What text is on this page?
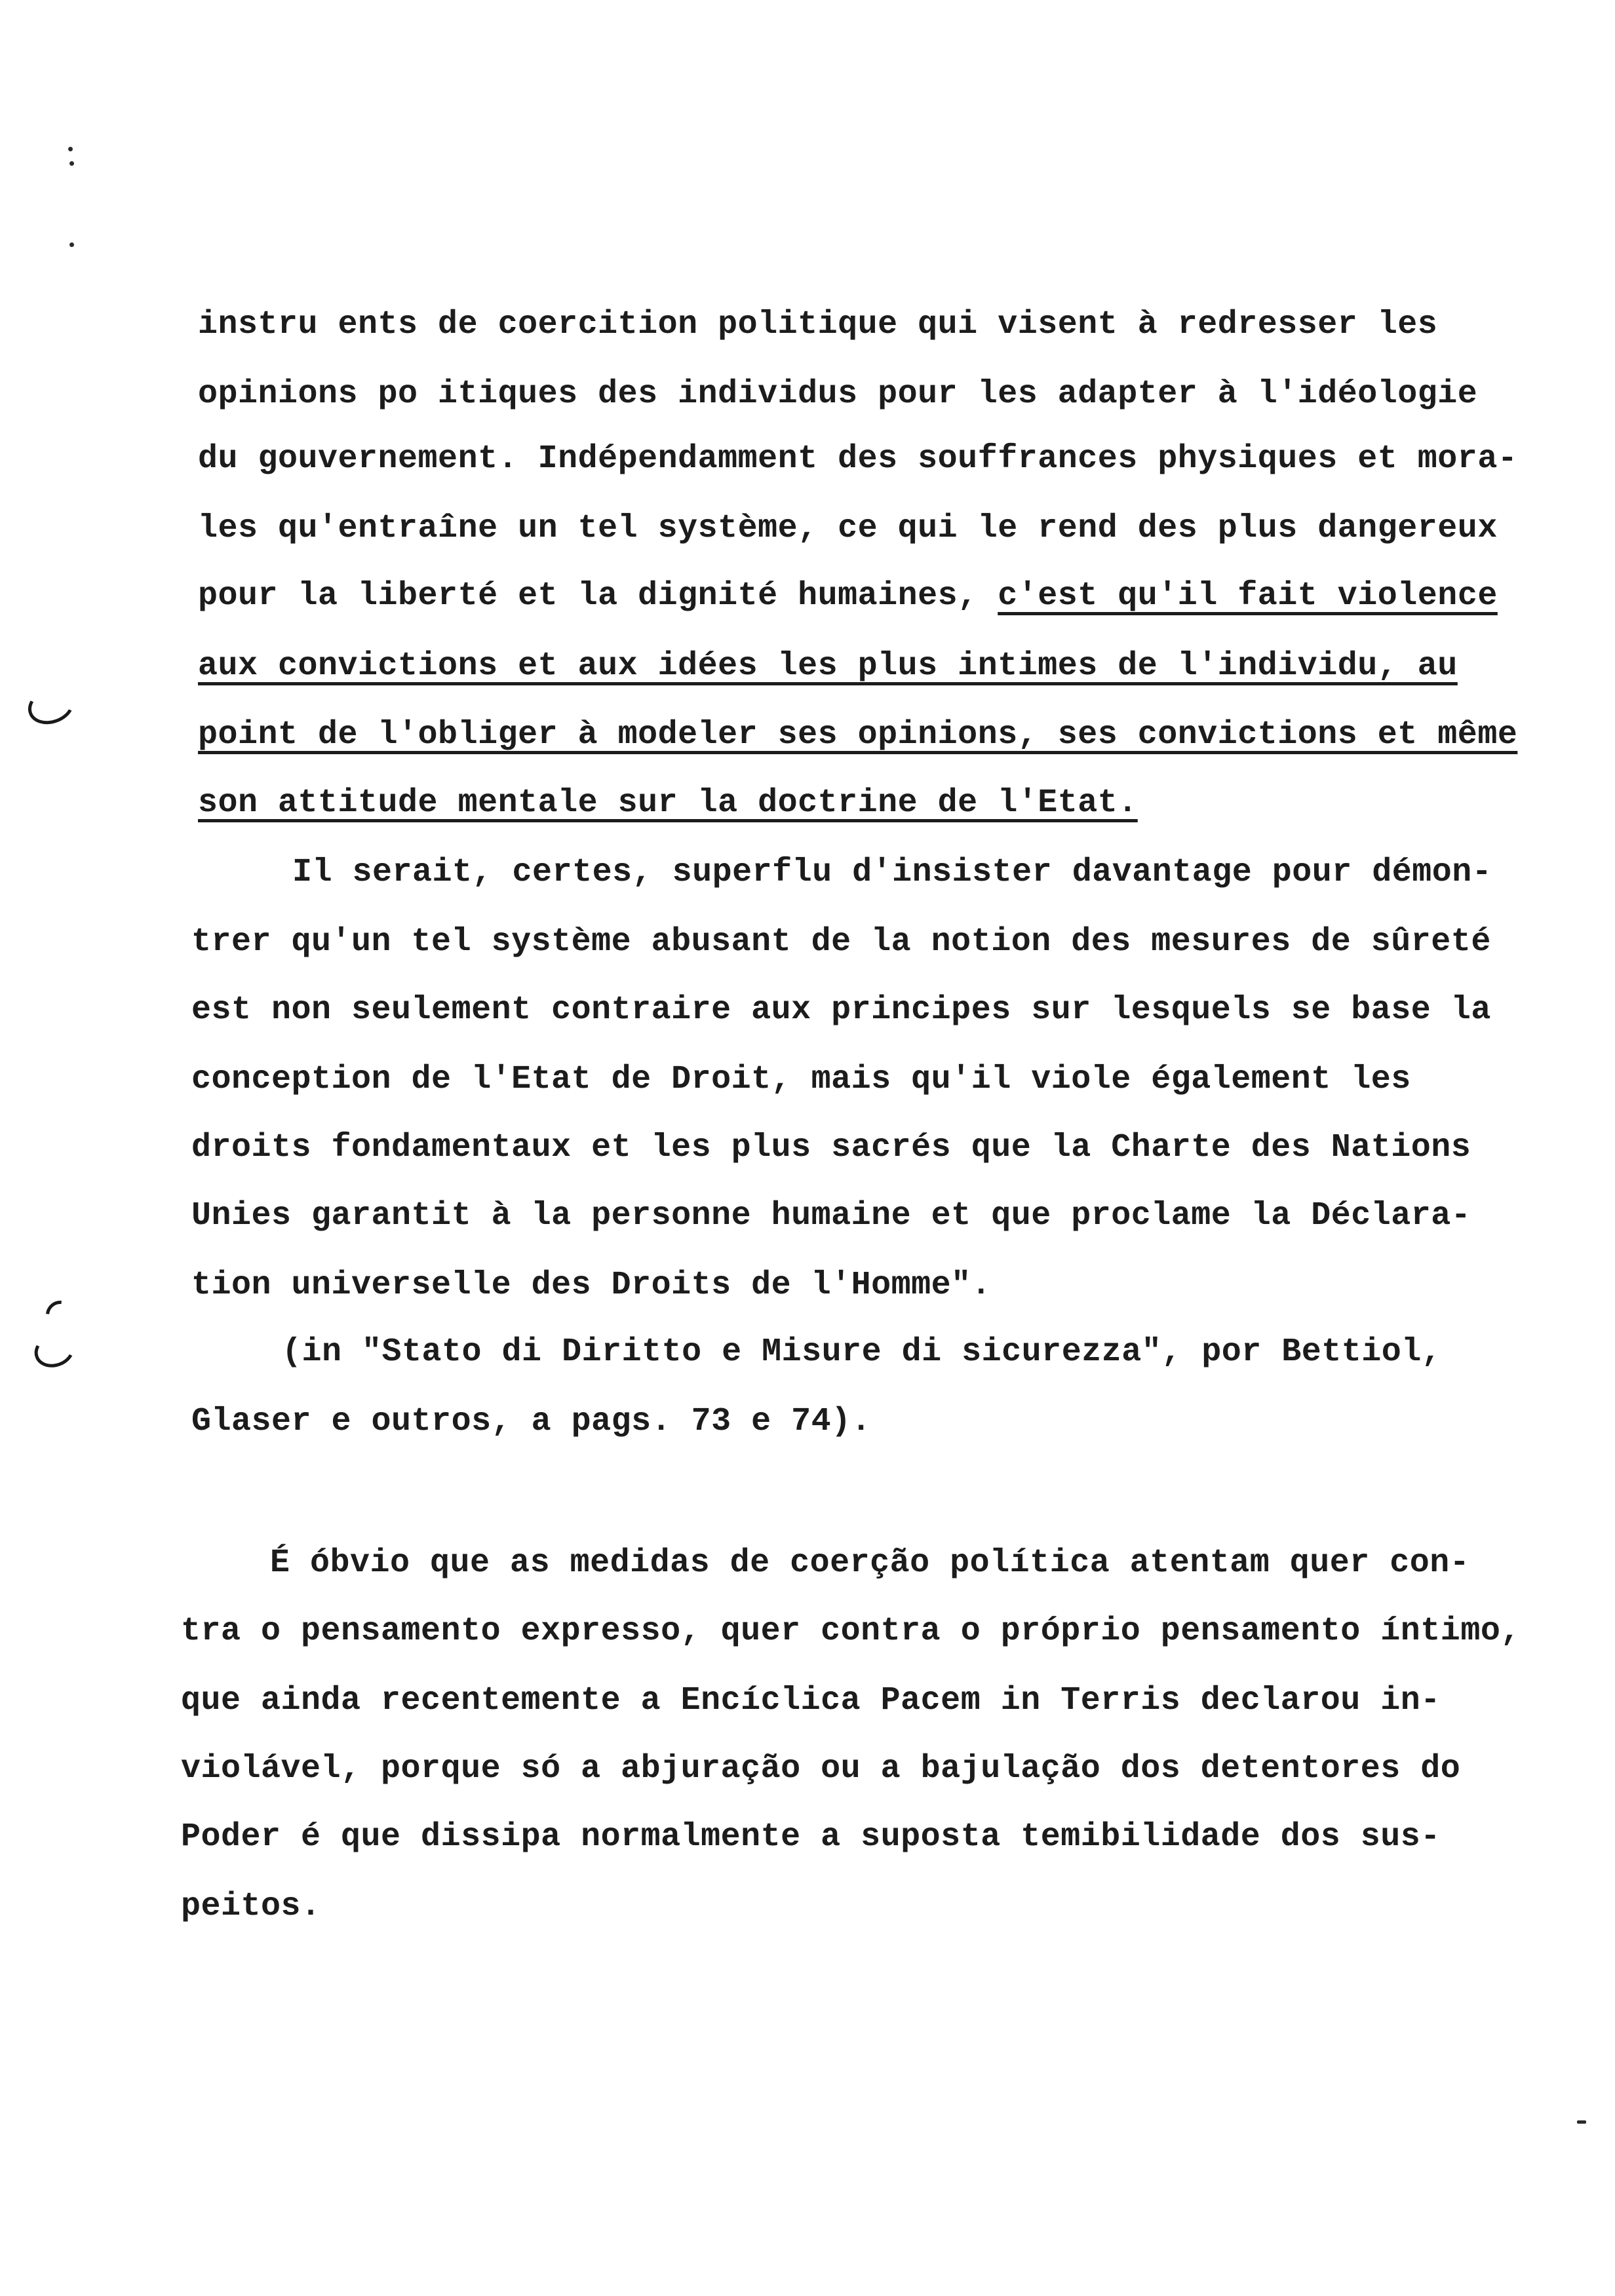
instru ents de coercition politique qui visent à redresser les
opinions po itiques des individus pour les adapter à l'idéologie
du gouvernement. Indépendamment des souffrances physiques et mora-
les qu'entraîne un tel système, ce qui le rend des plus dangereux
pour la liberté et la dignité humaines, c'est qu'il fait violence
aux convictions et aux idées les plus intimes de l'individu, au
point de l'obliger à modeler ses opinions, ses convictions et même
son attitude mentale sur la doctrine de l'Etat.
Il serait, certes, superflu d'insister davantage pour démon-
trer qu'un tel système abusant de la notion des mesures de sûreté
est non seulement contraire aux principes sur lesquels se base la
conception de l'Etat de Droit, mais qu'il viole également les
droits fondamentaux et les plus sacrés que la Charte des Nations
Unies garantit à la personne humaine et que proclame la Déclara-
tion universelle des Droits de l'Homme".
(in "Stato di Diritto e Misure di sicurezza", por Bettiol,
Glaser e outros, a pags. 73 e 74).
É óbvio que as medidas de coerção política atentam quer con-
tra o pensamento expresso, quer contra o próprio pensamento íntimo,
que ainda recentemente a Encíclica Pacem in Terris declarou in-
violável, porque só a abjuração ou a bajulação dos detentores do
Poder é que dissipa normalmente a suposta temibilidade dos sus-
peitos.
